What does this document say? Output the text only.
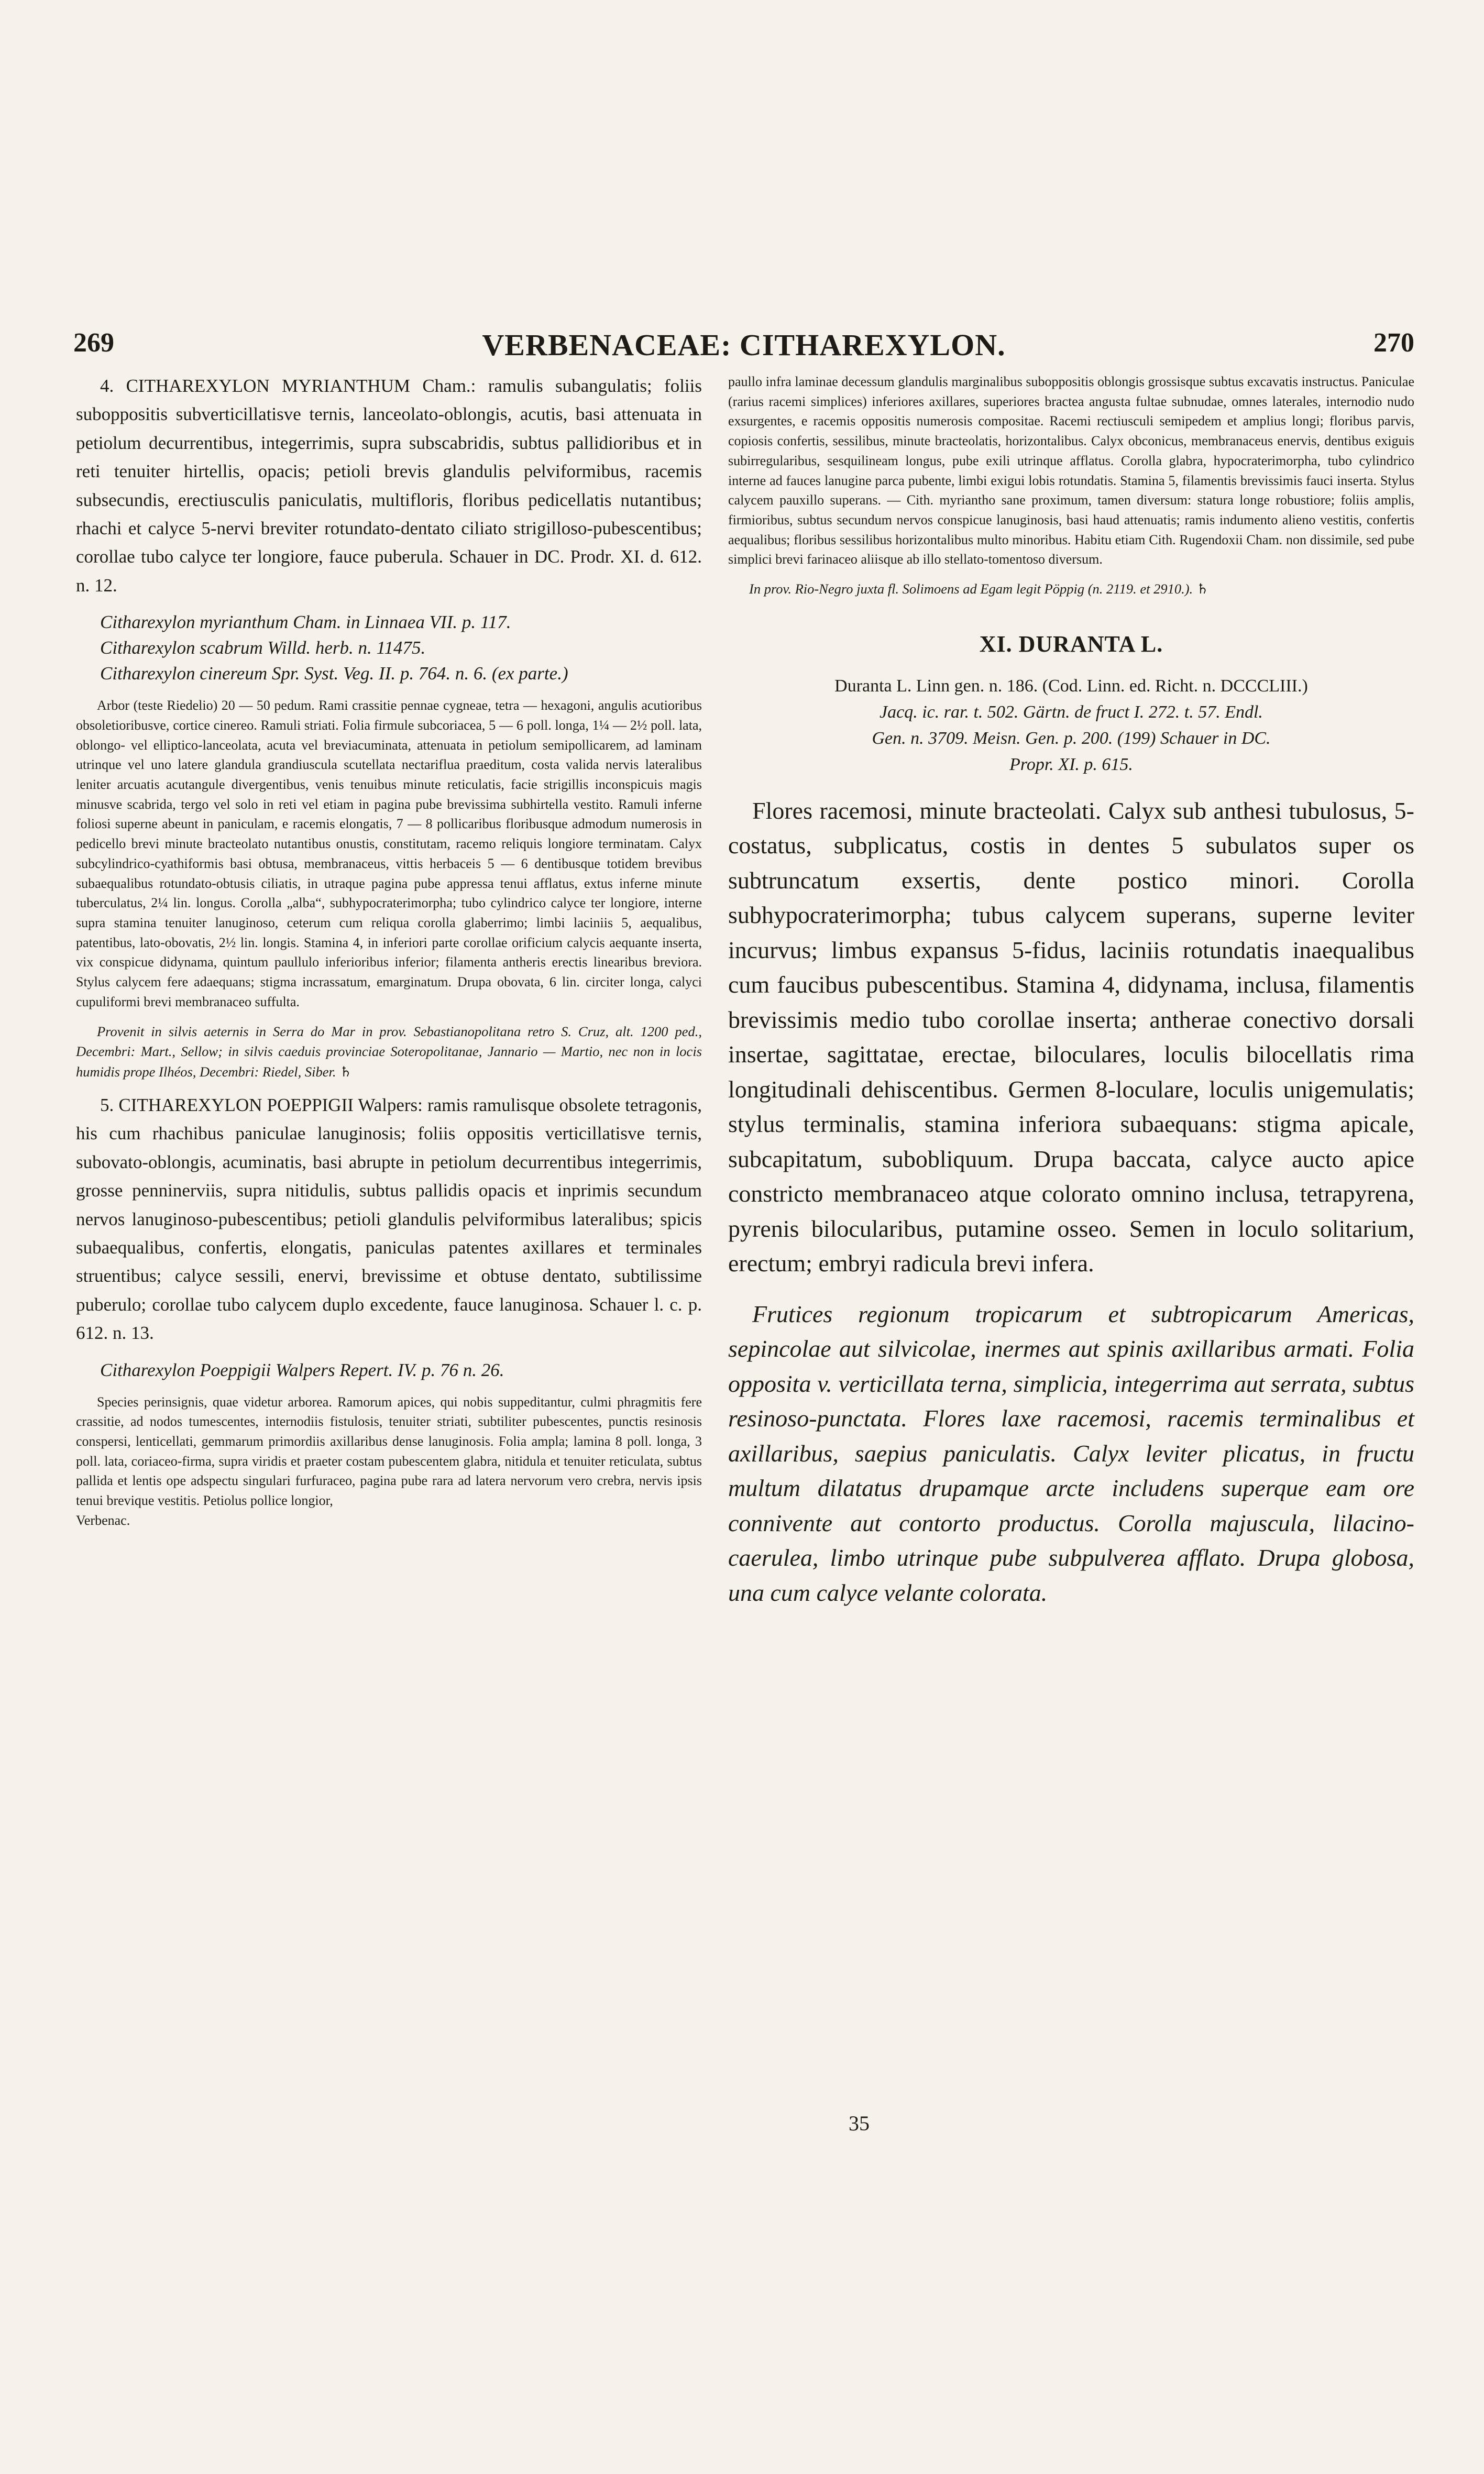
269	VERBENACEAE: CITHAREXYLON.	270

4. CITHAREXYLON MYRIANTHUM Cham.: ramulis subangulatis; foliis suboppositis subverticillatisve ternis, lanceolato-oblongis, acutis, basi attenuata in petiolum decurrentibus, integerrimis, supra subscabridis, subtus pallidioribus et in reti tenuiter hirtellis, opacis; petioli brevis glandulis pelviformibus, racemis subsecundis, erectiusculis paniculatis, multifloris, floribus pedicellatis nutantibus; rhachi et calyce 5-nervi breviter rotundato-dentato ciliato strigilloso-pubescentibus; corollae tubo calyce ter longiore, fauce puberula. Schauer in DC. Prodr. XI. d. 612. n. 12.

Citharexylon myrianthum Cham. in Linnaea VII. p. 117.

Citharexylon scabrum Willd. herb. n. 11475.

Citharexylon cinereum Spr. Syst. Veg. II. p. 764. n. 6. (ex parte.)

Arbor (teste Riedelio) 20 — 50 pedum. Rami crassitie pennae cygneae, tetra — hexagoni, angulis acutioribus obsoletioribusve, cortice cinereo. Ramuli striati. Folia firmule subcoriacea, 5 — 6 poll. longa, 1¼ — 2½ poll. lata, oblongo- vel elliptico-lanceolata, acuta vel breviacuminata, attenuata in petiolum semipollicarem, ad laminam utrinque vel uno latere glandula grandiuscula scutellata nectariflua praeditum, costa valida nervis lateralibus leniter arcuatis acutangule divergentibus, venis tenuibus minute reticulatis, facie strigillis inconspicuis magis minusve scabrida, tergo vel solo in reti vel etiam in pagina pube brevissima subhirtella vestito. Ramuli inferne foliosi superne abeunt in paniculam, e racemis elongatis, 7 — 8 pollicaribus floribusque admodum numerosis in pedicello brevi minute bracteolato nutantibus onustis, constitutam, racemo reliquis longiore terminatam. Calyx subcylindrico-cyathiformis basi obtusa, membranaceus, vittis herbaceis 5 — 6 dentibusque totidem brevibus subaequalibus rotundato-obtusis ciliatis, in utraque pagina pube appressa tenui afflatus, extus inferne minute tuberculatus, 2¼ lin. longus. Corolla „alba“, subhypocraterimorpha; tubo cylindrico calyce ter longiore, interne supra stamina tenuiter lanuginoso, ceterum cum reliqua corolla glaberrimo; limbi laciniis 5, aequalibus, patentibus, lato-obovatis, 2½ lin. longis. Stamina 4, in inferiori parte corollae orificium calycis aequante inserta, vix conspicue didynama, quintum paullulo inferioribus inferior; filamenta antheris erectis linearibus breviora. Stylus calycem fere adaequans; stigma incrassatum, emarginatum. Drupa obovata, 6 lin. circiter longa, calyci cupuliformi brevi membranaceo suffulta.

Provenit in silvis aeternis in Serra do Mar in prov. Sebastianopolitana retro S. Cruz, alt. 1200 ped., Decembri: Mart., Sellow; in silvis caeduis provinciae Soteropolitanae, Jannario — Martio, nec non in locis humidis prope Ilhéos, Decembri: Riedel, Siber. ♄

5. CITHAREXYLON POEPPIGII Walpers: ramis ramulisque obsolete tetragonis, his cum rhachibus paniculae lanuginosis; foliis oppositis verticillatisve ternis, subovato-oblongis, acuminatis, basi abrupte in petiolum decurrentibus integerrimis, grosse penninerviis, supra nitidulis, subtus pallidis opacis et inprimis secundum nervos lanuginoso-pubescentibus; petioli glandulis pelviformibus lateralibus; spicis subaequalibus, confertis, elongatis, paniculas patentes axillares et terminales struentibus; calyce sessili, enervi, brevissime et obtuse dentato, subtilissime puberulo; corollae tubo calycem duplo excedente, fauce lanuginosa. Schauer l. c. p. 612. n. 13.

Citharexylon Poeppigii Walpers Repert. IV. p. 76 n. 26.

Species perinsignis, quae videtur arborea. Ramorum apices, qui nobis suppeditantur, culmi phragmitis fere crassitie, ad nodos tumescentes, internodiis fistulosis, tenuiter striati, subtiliter pubescentes, punctis resinosis conspersi, lenticellati, gemmarum primordiis axillaribus dense lanuginosis. Folia ampla; lamina 8 poll. longa, 3 poll. lata, coriaceo-firma, supra viridis et praeter costam pubescentem glabra, nitidula et tenuiter reticulata, subtus pallida et lentis ope adspectu singulari furfuraceo, pagina pube rara ad latera nervorum vero crebra, nervis ipsis tenui brevique vestitis. Petiolus pollice longior,

Verbenac.

paullo infra laminae decessum glandulis marginalibus suboppositis oblongis grossisque subtus excavatis instructus. Paniculae (rarius racemi simplices) inferiores axillares, superiores bractea angusta fultae subnudae, omnes laterales, internodio nudo exsurgentes, e racemis oppositis numerosis compositae. Racemi rectiusculi semipedem et amplius longi; floribus parvis, copiosis confertis, sessilibus, minute bracteolatis, horizontalibus. Calyx obconicus, membranaceus enervis, dentibus exiguis subirregularibus, sesquilineam longus, pube exili utrinque afflatus. Corolla glabra, hypocraterimorpha, tubo cylindrico interne ad fauces lanugine parca pubente, limbi exigui lobis rotundatis. Stamina 5, filamentis brevissimis fauci inserta. Stylus calycem pauxillo superans. — Cith. myriantho sane proximum, tamen diversum: statura longe robustiore; foliis amplis, firmioribus, subtus secundum nervos conspicue lanuginosis, basi haud attenuatis; ramis indumento alieno vestitis, confertis aequalibus; floribus sessilibus horizontalibus multo minoribus. Habitu etiam Cith. Rugendoxii Cham. non dissimile, sed pube simplici brevi farinaceo aliisque ab illo stellato-tomentoso diversum.

In prov. Rio-Negro juxta fl. Solimoens ad Egam legit Pöppig (n. 2119. et 2910.). ♄

XI. DURANTA L.
Duranta L. Linn gen. n. 186. (Cod. Linn. ed. Richt. n. DCCCLIII.)
Jacq. ic. rar. t. 502. Gärtn. de fruct I. 272. t. 57. Endl.
Gen. n. 3709. Meisn. Gen. p. 200. (199) Schauer in DC.
Propr. XI. p. 615.

Flores racemosi, minute bracteolati. Calyx sub anthesi tubulosus, 5-costatus, subplicatus, costis in dentes 5 subulatos super os subtruncatum exsertis, dente postico minori. Corolla subhypocraterimorpha; tubus calycem superans, superne leviter incurvus; limbus expansus 5-fidus, laciniis rotundatis inaequalibus cum faucibus pubescentibus. Stamina 4, didynama, inclusa, filamentis brevissimis medio tubo corollae inserta; antherae conectivo dorsali insertae, sagittatae, erectae, biloculares, loculis bilocellatis rima longitudinali dehiscentibus. Germen 8-loculare, loculis unigemulatis; stylus terminalis, stamina inferiora subaequans: stigma apicale, subcapitatum, subobliquum. Drupa baccata, calyce aucto apice constricto membranaceo atque colorato omnino inclusa, tetrapyrena, pyrenis bilocularibus, putamine osseo. Semen in loculo solitarium, erectum; embryi radicula brevi infera.

Frutices regionum tropicarum et subtropicarum Americas, sepincolae aut silvicolae, inermes aut spinis axillaribus armati. Folia opposita v. verticillata terna, simplicia, integerrima aut serrata, subtus resinoso-punctata. Flores laxe racemosi, racemis terminalibus et axillaribus, saepius paniculatis. Calyx leviter plicatus, in fructu multum dilatatus drupamque arcte includens superque eam ore connivente aut contorto productus. Corolla majuscula, lilacino-caerulea, limbo utrinque pube subpulverea afflato. Drupa globosa, una cum calyce velante colorata.

35
